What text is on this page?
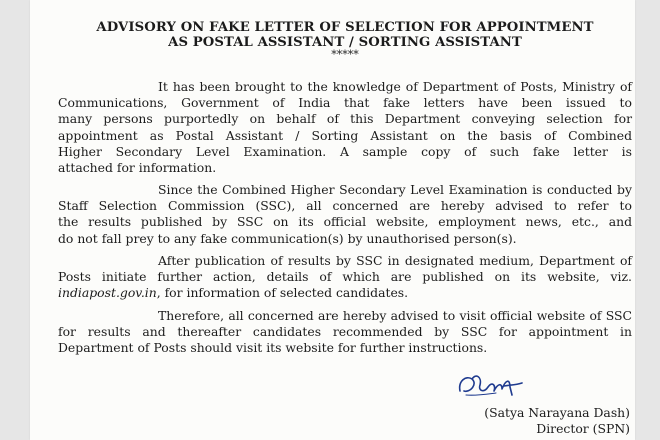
ADVISORY ON FAKE LETTER OF SELECTION FOR APPOINTMENT
AS POSTAL ASSISTANT / SORTING ASSISTANT
*****

It has been brought to the knowledge of Department of Posts, Ministry of
Communications, Government of India that fake letters have been issued to
many persons purportedly on behalf of this Department conveying selection for
appointment as Postal Assistant / Sorting Assistant on the basis of Combined
Higher Secondary Level Examination. A sample copy of such fake letter is
attached for information.

Since the Combined Higher Secondary Level Examination is conducted by
Staff Selection Commission (SSC), all concerned are hereby advised to refer to
the results published by SSC on its official website, employment news, etc., and
do not fall prey to any fake communication(s) by unauthorised person(s).

After publication of results by SSC in designated medium, Department of
Posts initiate further action, details of which are published on its website, viz.
indiapost.gov.in, for information of selected candidates.

Therefore, all concerned are hereby advised to visit official website of SSC
for results and thereafter candidates recommended by SSC for appointment in
Department of Posts should visit its website for further instructions.

(Satya Narayana Dash)
Director (SPN)
